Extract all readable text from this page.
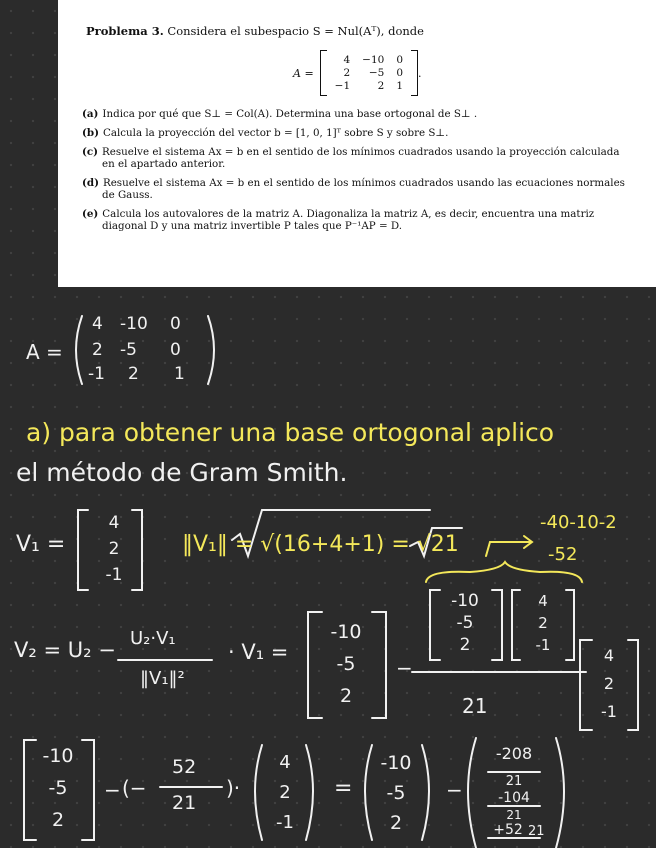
Problema 3. Considera el subespacio S = Nul(Aᵀ), donde
A =
4	−10	0
2	−5	0
−1	2	1
.
(a) Indica por qué que S⊥ = Col(A). Determina una base ortogonal de S⊥ .
(b) Calcula la proyección del vector b = [1, 0, 1]ᵀ sobre S y sobre S⊥.
(c) Resuelve el sistema Ax = b en el sentido de los mínimos cuadrados usando la proyección calculada
en el apartado anterior.
(d) Resuelve el sistema Ax = b en el sentido de los mínimos cuadrados usando las ecuaciones normales
de Gauss.
(e) Calcula los autovalores de la matriz A. Diagonaliza la matriz A, es decir, encuentra una matriz
diagonal D y una matriz invertible P tales que P⁻¹AP = D.
A =
4 -10 0
2 -5 0
-1 2 1
a) para obtener una base ortogonal aplico
el método de Gram Smith.
V₁ =
4
2
-1
‖V₁‖ = √(16+4+1) = √21
-40-10-2
-52
V₂ = U₂ − U₂·V₁
‖V₁‖²
· V₁ =
-10
-5
2
−
-10
-5
2
4
2
-1
21
4
2
-1
-10
-5
2
− (−
52
21
)·
4
2
-1
=
-10
-5
2
−
-208
21
-104
21
+52 21
